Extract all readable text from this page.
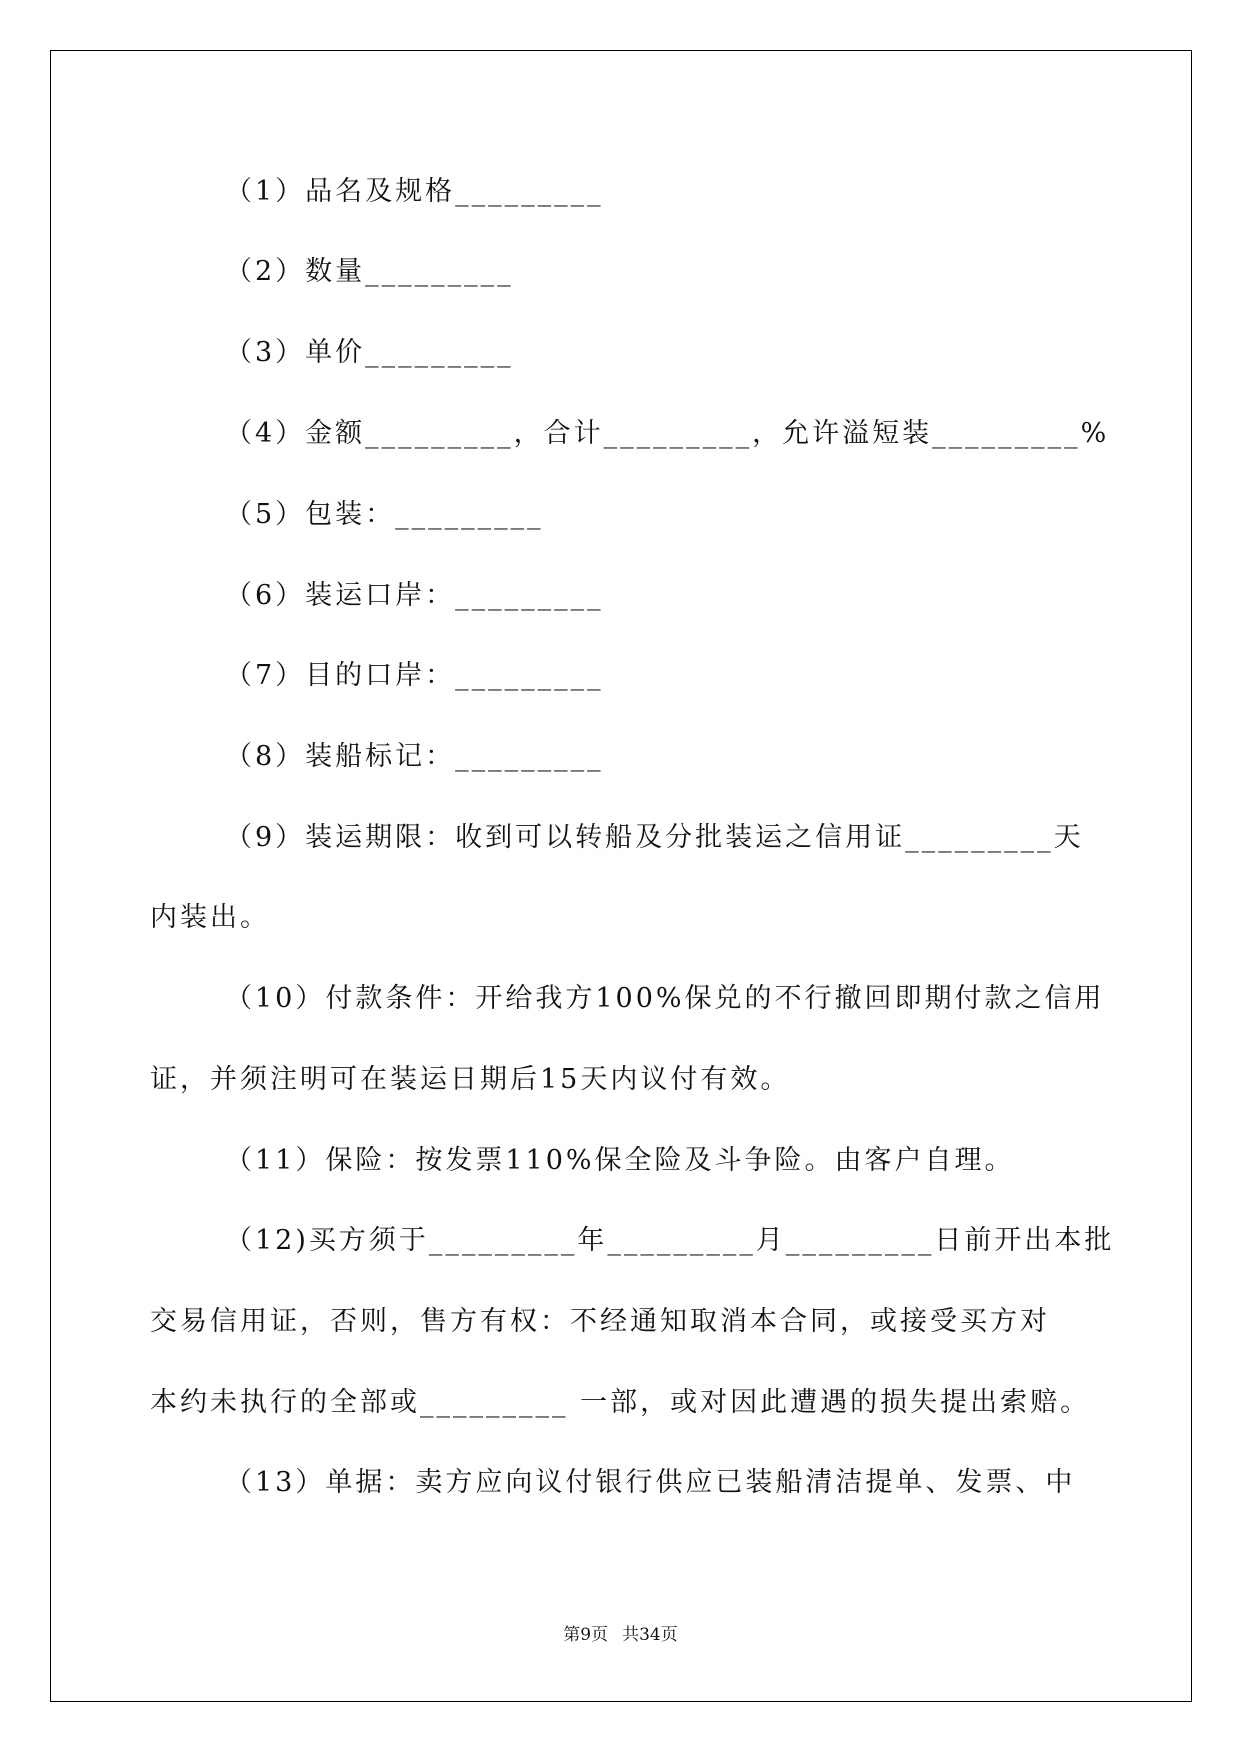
（1）品名及规格_________

（2）数量_________

（3）单价_________

（4）金额_________，合计_________，允许溢短装_________%

（5）包装：_________

（6）装运口岸：_________

（7）目的口岸：_________

（8）装船标记：_________

（9）装运期限：收到可以转船及分批装运之信用证_________天

内装出。

（10）付款条件：开给我方100%保兑的不行撤回即期付款之信用

证，并须注明可在装运日期后15天内议付有效。

（11）保险：按发票110%保全险及斗争险。由客户自理。

（12)买方须于_________年_________月_________日前开出本批

交易信用证，否则，售方有权：不经通知取消本合同，或接受买方对

本约未执行的全部或_________ 一部，或对因此遭遇的损失提出索赔。

（13）单据：卖方应向议付银行供应已装船清洁提单、发票、中

第9页 共34页
